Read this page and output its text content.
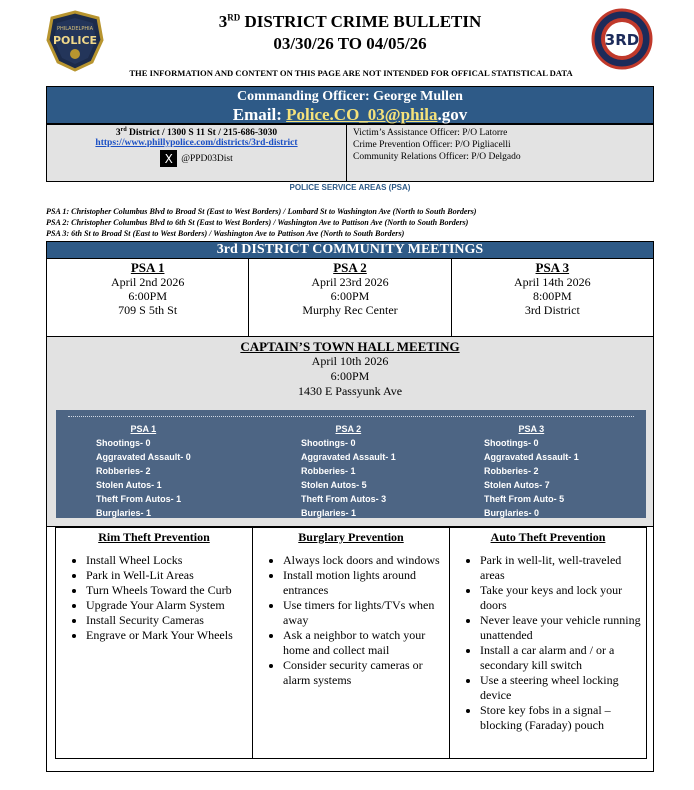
PHILADELPHIA
POLICE
3RD DISTRICT CRIME BULLETIN
03/30/26 TO 04/05/26	3RD
THE INFORMATION AND CONTENT ON THIS PAGE ARE NOT INTENDED FOR OFFICAL STATISTICAL DATA
Commanding Officer: George Mullen
Email: Police.CO_03@phila.gov
3rd District / 1300 S 11 St / 215-686-3030
https://www.phillypolice.com/districts/3rd-district
X @PPD03Dist
Victim’s Assistance Officer: P/O Latorre
Crime Prevention Officer: P/O Pigliacelli
Community Relations Officer: P/O Delgado
POLICE SERVICE AREAS (PSA)
PSA 1: Christopher Columbus Blvd to Broad St (East to West Borders) / Lombard St to Washington Ave (North to South Borders)
PSA 2: Christopher Columbus Blvd to 6th St (East to West Borders) / Washington Ave to Pattison Ave (North to South Borders)
PSA 3: 6th St to Broad St (East to West Borders) / Washington Ave to Pattison Ave (North to South Borders)
3rd DISTRICT COMMUNITY MEETINGS
PSA 1
April 2nd 2026
6:00PM
709 S 5th St
PSA 2
April 23rd 2026
6:00PM
Murphy Rec Center
PSA 3
April 14th 2026
8:00PM
3rd District
CAPTAIN’S TOWN HALL MEETING
April 10th 2026
6:00PM
1430 E Passyunk Ave
PSA 1
Shootings- 0
Aggravated Assault- 0
Robberies- 2
Stolen Autos- 1
Theft From Autos- 1
Burglaries- 1
PSA 2
Shootings- 0
Aggravated Assault- 1
Robberies- 1
Stolen Autos- 5
Theft From Autos- 3
Burglaries- 1
PSA 3
Shootings- 0
Aggravated Assault- 1
Robberies- 2
Stolen Autos- 7
Theft From Auto- 5
Burglaries- 0
Rim Theft Prevention
• Install Wheel Locks
• Park in Well-Lit Areas
• Turn Wheels Toward the Curb
• Upgrade Your Alarm System
• Install Security Cameras
• Engrave or Mark Your Wheels
Burglary Prevention
• Always lock doors and windows
• Install motion lights around entrances
• Use timers for lights/TVs when away
• Ask a neighbor to watch your home and collect mail
• Consider security cameras or alarm systems
Auto Theft Prevention
• Park in well-lit, well-traveled areas
• Take your keys and lock your doors
• Never leave your vehicle running unattended
• Install a car alarm and / or a secondary kill switch
• Use a steering wheel locking device
• Store key fobs in a signal – blocking (Faraday) pouch
